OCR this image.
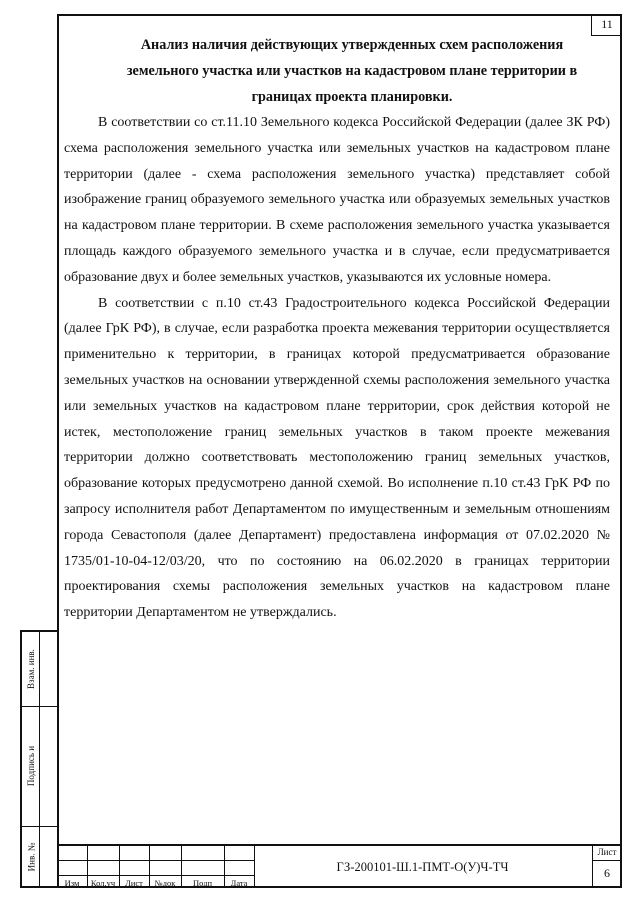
11

Анализ наличия действующих утвержденных схем расположения
земельного участка или участков на кадастровом плане территории в
границах проекта планировки.

В соответствии со ст.11.10 Земельного кодекса Российской Федерации (далее ЗК РФ) схема расположения земельного участка или земельных участков на кадастровом плане территории (далее - схема расположения земельного участка) представляет собой изображение границ образуемого земельного участка или образуемых земельных участков на кадастровом плане территории. В схеме расположения земельного участка указывается площадь каждого образуемого земельного участка и в случае, если предусматривается образование двух и более земельных участков, указываются их условные номера.

В соответствии с п.10 ст.43 Градостроительного кодекса Российской Федерации (далее ГрК РФ), в случае, если разработка проекта межевания территории осуществляется применительно к территории, в границах которой предусматривается образование земельных участков на основании утвержденной схемы расположения земельного участка или земельных участков на кадастровом плане территории, срок действия которой не истек, местоположение границ земельных участков в таком проекте межевания территории должно соответствовать местоположению границ земельных участков, образование которых предусмотрено данной схемой. Во исполнение п.10 ст.43 ГрК РФ по запросу исполнителя работ Департаментом по имущественным и земельным отношениям города Севастополя (далее Департамент) предоставлена информация от 07.02.2020 № 1735/01-10-04-12/03/20, что по состоянию на 06.02.2020 в границах территории проектирования схемы расположения земельных участков на кадастровом плане территории Департаментом не утверждались.

Взам. инв.
Подпись и
Инв. №
Изм	Кол.уч	Лист	№док	Подп	Дата
ГЗ-200101-Ш.1-ПМТ-О(У)Ч-ТЧ
Лист
6
